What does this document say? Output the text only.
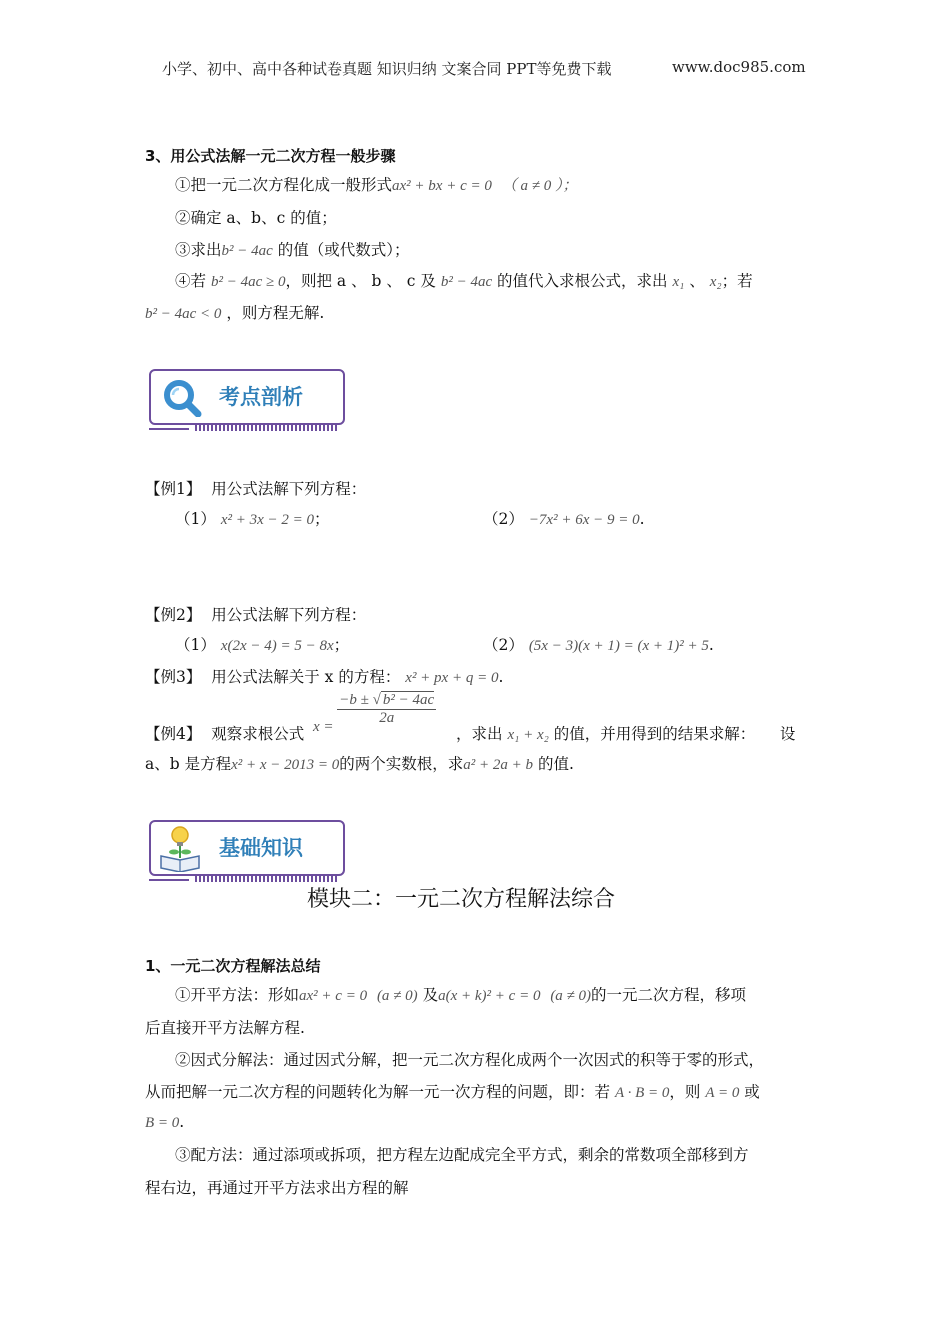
小学、初中、高中各种试卷真题 知识归纳 文案合同 PPT等免费下载	www.doc985.com
3、用公式法解一元二次方程一般步骤
①把一元二次方程化成一般形式ax² + bx + c = 0 （ a ≠ 0 ）；
②确定 a、b、c 的值；
③求出b² − 4ac 的值（或代数式）；
④若 b² − 4ac ≥ 0，则把 a 、 b 、 c 及 b² − 4ac 的值代入求根公式，求出 x₁ 、 x₂；若
b² − 4ac < 0 ，则方程无解.
考点剖析
【例1】 用公式法解下列方程：
（1） x² + 3x − 2 = 0；	（2） −7x² + 6x − 9 = 0.
【例2】 用公式法解下列方程：
（1） x(2x − 4) = 5 − 8x；	（2） (5x − 3)(x + 1) = (x + 1)² + 5.
【例3】 用公式法解关于 x 的方程： x² + px + q = 0.
【例4】 观察求根公式 $x = \frac{\text{−b ± √ b² − 4ac}}{2a}$
，求出 x₁ + x₂ 的值，并用得到的结果求解： 设
a、b 是方程x² + x − 2013 = 0的两个实数根，求a² + 2a + b 的值.
基础知识
模块二：一元二次方程解法综合
1、一元二次方程解法总结
①开平方法：形如ax² + c = 0 (a ≠ 0) 及a(x + k)² + c = 0 (a ≠ 0)的一元二次方程，移项
后直接开平方法解方程.
②因式分解法：通过因式分解，把一元二次方程化成两个一次因式的积等于零的形式，
从而把解一元二次方程的问题转化为解一元一次方程的问题，即：若 A · B = 0，则 A = 0 或
B = 0.
③配方法：通过添项或拆项，把方程左边配成完全平方式，剩余的常数项全部移到方
程右边，再通过开平方法求出方程的解
